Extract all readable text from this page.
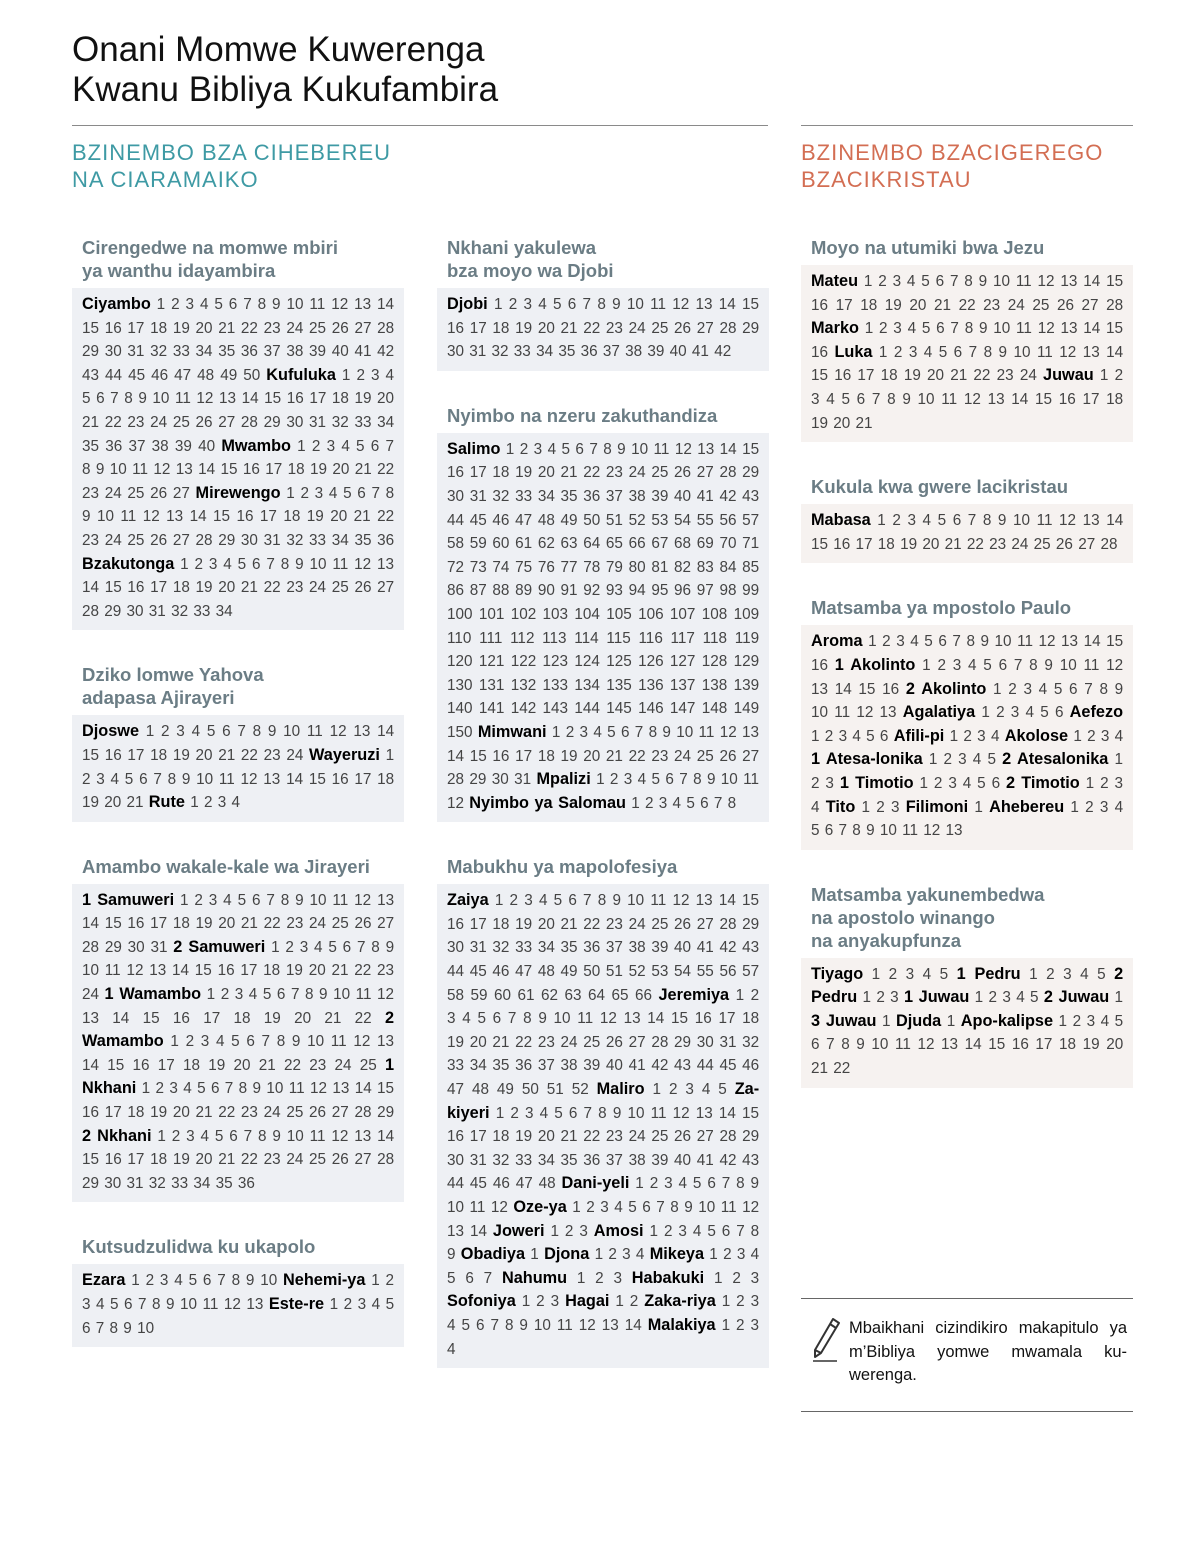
Onani Momwe Kuwerenga
Kwanu Bibliya Kukufambira
BZINEMBO BZA CIHEBEREU
NA CIARAMAIKO
BZINEMBO BZACIGEREGO
BZACIKRISTAU
Cirengedwe na momwe mbiri
ya wanthu idayambira
Ciyambo 1 2 3 4 5 6 7 8 9 10 11 12 13 14 15 16 17 18 19 20 21 22 23 24 25 26 27 28 29 30 31 32 33 34 35 36 37 38 39 40 41 42 43 44 45 46 47 48 49 50 Kufuluka 1 2 3 4 5 6 7 8 9 10 11 12 13 14 15 16 17 18 19 20 21 22 23 24 25 26 27 28 29 30 31 32 33 34 35 36 37 38 39 40 Mwambo 1 2 3 4 5 6 7 8 9 10 11 12 13 14 15 16 17 18 19 20 21 22 23 24 25 26 27 Mirewengo 1 2 3 4 5 6 7 8 9 10 11 12 13 14 15 16 17 18 19 20 21 22 23 24 25 26 27 28 29 30 31 32 33 34 35 36 Bzakutonga 1 2 3 4 5 6 7 8 9 10 11 12 13 14 15 16 17 18 19 20 21 22 23 24 25 26 27 28 29 30 31 32 33 34
Dziko lomwe Yahova
adapasa Ajirayeri
Djoswe 1 2 3 4 5 6 7 8 9 10 11 12 13 14 15 16 17 18 19 20 21 22 23 24 Wayeruzi 1 2 3 4 5 6 7 8 9 10 11 12 13 14 15 16 17 18 19 20 21 Rute 1 2 3 4
Amambo wakale-kale wa Jirayeri
1 Samuweri 1 2 3 4 5 6 7 8 9 10 11 12 13 14 15 16 17 18 19 20 21 22 23 24 25 26 27 28 29 30 31 2 Samuweri 1 2 3 4 5 6 7 8 9 10 11 12 13 14 15 16 17 18 19 20 21 22 23 24 1 Wamambo 1 2 3 4 5 6 7 8 9 10 11 12 13 14 15 16 17 18 19 20 21 22 2 Wamambo 1 2 3 4 5 6 7 8 9 10 11 12 13 14 15 16 17 18 19 20 21 22 23 24 25 1 Nkhani 1 2 3 4 5 6 7 8 9 10 11 12 13 14 15 16 17 18 19 20 21 22 23 24 25 26 27 28 29 2 Nkhani 1 2 3 4 5 6 7 8 9 10 11 12 13 14 15 16 17 18 19 20 21 22 23 24 25 26 27 28 29 30 31 32 33 34 35 36
Kutsudzulidwa ku ukapolo
Ezara 1 2 3 4 5 6 7 8 9 10 Nehemi-ya 1 2 3 4 5 6 7 8 9 10 11 12 13 Este-re 1 2 3 4 5 6 7 8 9 10
Nkhani yakulewa
bza moyo wa Djobi
Djobi 1 2 3 4 5 6 7 8 9 10 11 12 13 14 15 16 17 18 19 20 21 22 23 24 25 26 27 28 29 30 31 32 33 34 35 36 37 38 39 40 41 42
Nyimbo na nzeru zakuthandiza
Salimo 1 2 3 4 5 6 7 8 9 10 11 12 13 14 15 16 17 18 19 20 21 22 23 24 25 26 27 28 29 30 31 32 33 34 35 36 37 38 39 40 41 42 43 44 45 46 47 48 49 50 51 52 53 54 55 56 57 58 59 60 61 62 63 64 65 66 67 68 69 70 71 72 73 74 75 76 77 78 79 80 81 82 83 84 85 86 87 88 89 90 91 92 93 94 95 96 97 98 99 100 101 102 103 104 105 106 107 108 109 110 111 112 113 114 115 116 117 118 119 120 121 122 123 124 125 126 127 128 129 130 131 132 133 134 135 136 137 138 139 140 141 142 143 144 145 146 147 148 149 150 Mimwani 1 2 3 4 5 6 7 8 9 10 11 12 13 14 15 16 17 18 19 20 21 22 23 24 25 26 27 28 29 30 31 Mpalizi 1 2 3 4 5 6 7 8 9 10 11 12 Nyimbo ya Salomau 1 2 3 4 5 6 7 8
Mabukhu ya mapolofesiya
Zaiya 1 2 3 4 5 6 7 8 9 10 11 12 13 14 15 16 17 18 19 20 21 22 23 24 25 26 27 28 29 30 31 32 33 34 35 36 37 38 39 40 41 42 43 44 45 46 47 48 49 50 51 52 53 54 55 56 57 58 59 60 61 62 63 64 65 66 Jeremiya 1 2 3 4 5 6 7 8 9 10 11 12 13 14 15 16 17 18 19 20 21 22 23 24 25 26 27 28 29 30 31 32 33 34 35 36 37 38 39 40 41 42 43 44 45 46 47 48 49 50 51 52 Maliro 1 2 3 4 5 Za-kiyeri 1 2 3 4 5 6 7 8 9 10 11 12 13 14 15 16 17 18 19 20 21 22 23 24 25 26 27 28 29 30 31 32 33 34 35 36 37 38 39 40 41 42 43 44 45 46 47 48 Dani-yeli 1 2 3 4 5 6 7 8 9 10 11 12 Oze-ya 1 2 3 4 5 6 7 8 9 10 11 12 13 14 Joweri 1 2 3 Amosi 1 2 3 4 5 6 7 8 9 Obadiya 1 Djona 1 2 3 4 Mikeya 1 2 3 4 5 6 7 Nahumu 1 2 3 Habakuki 1 2 3 Sofoniya 1 2 3 Hagai 1 2 Zaka-riya 1 2 3 4 5 6 7 8 9 10 11 12 13 14 Malakiya 1 2 3 4
Moyo na utumiki bwa Jezu
Mateu 1 2 3 4 5 6 7 8 9 10 11 12 13 14 15 16 17 18 19 20 21 22 23 24 25 26 27 28 Marko 1 2 3 4 5 6 7 8 9 10 11 12 13 14 15 16 Luka 1 2 3 4 5 6 7 8 9 10 11 12 13 14 15 16 17 18 19 20 21 22 23 24 Juwau 1 2 3 4 5 6 7 8 9 10 11 12 13 14 15 16 17 18 19 20 21
Kukula kwa gwere lacikristau
Mabasa 1 2 3 4 5 6 7 8 9 10 11 12 13 14 15 16 17 18 19 20 21 22 23 24 25 26 27 28
Matsamba ya mpostolo Paulo
Aroma 1 2 3 4 5 6 7 8 9 10 11 12 13 14 15 16 1 Akolinto 1 2 3 4 5 6 7 8 9 10 11 12 13 14 15 16 2 Akolinto 1 2 3 4 5 6 7 8 9 10 11 12 13 Agalatiya 1 2 3 4 5 6 Aefezo 1 2 3 4 5 6 Afili-pi 1 2 3 4 Akolose 1 2 3 4 1 Atesa-lonika 1 2 3 4 5 2 Atesalonika 1 2 3 1 Timotio 1 2 3 4 5 6 2 Timotio 1 2 3 4 Tito 1 2 3 Filimoni 1 Ahebereu 1 2 3 4 5 6 7 8 9 10 11 12 13
Matsamba yakunembedwa
na apostolo winango
na anyakupfunza
Tiyago 1 2 3 4 5 1 Pedru 1 2 3 4 5 2 Pedru 1 2 3 1 Juwau 1 2 3 4 5 2 Juwau 1 3 Juwau 1 Djuda 1 Apo-kalipse 1 2 3 4 5 6 7 8 9 10 11 12 13 14 15 16 17 18 19 20 21 22
Mbaikhani cizindikiro makapitulo ya m’Bibliya yomwe mwamala ku-werenga.
